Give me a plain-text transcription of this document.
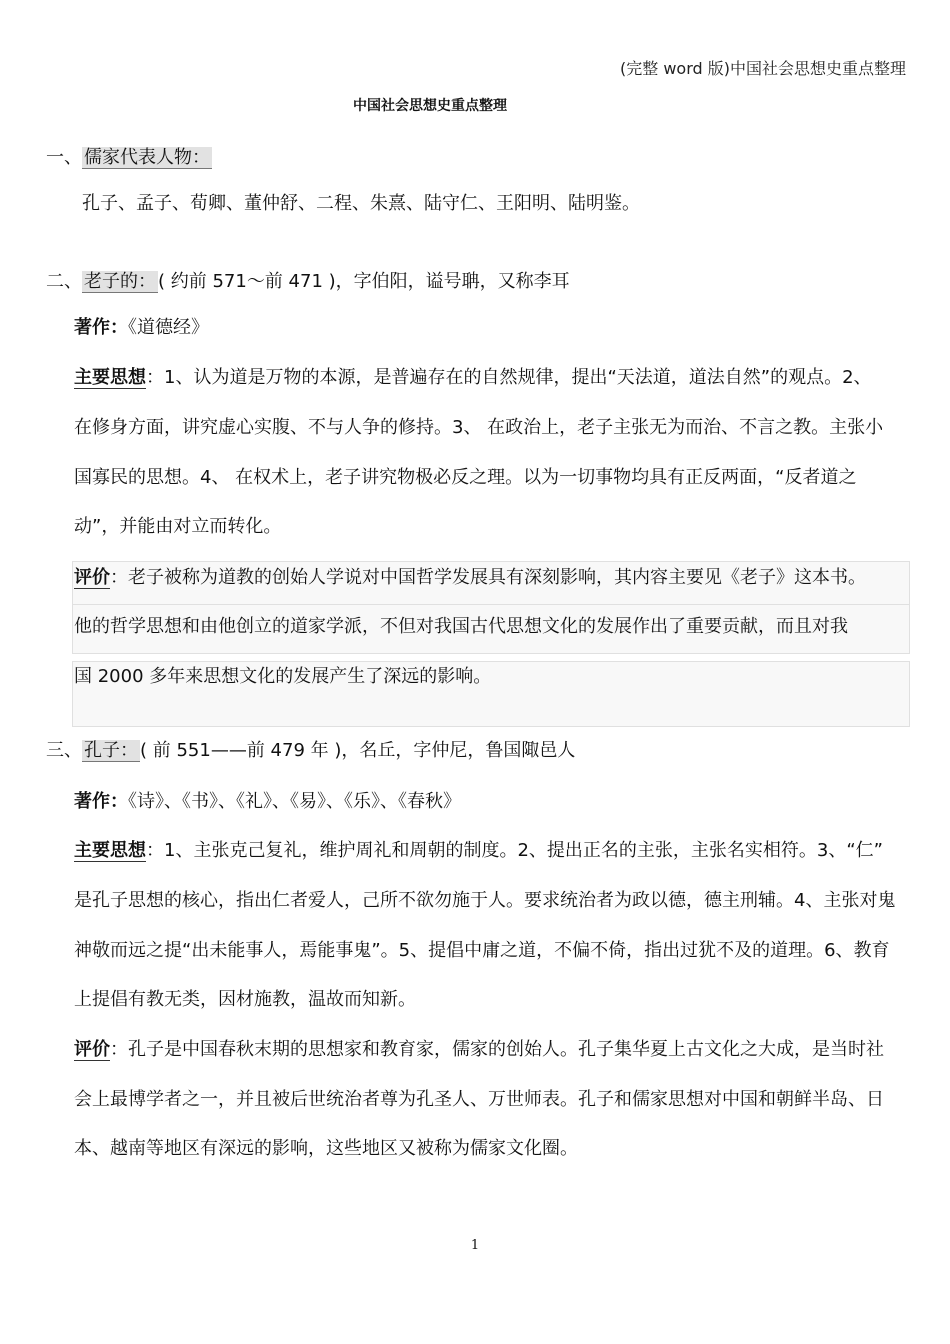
(完整 word 版)中国社会思想史重点整理
中国社会思想史重点整理
一、 儒家代表人物：
孔子、孟子、荀卿、董仲舒、二程、朱熹、陆守仁、王阳明、陆明鉴。
二、 老子的： ( 约前 571～前 471 )，字伯阳，谥号聃，又称李耳
著作：《道德经》
主要思想：1、认为道是万物的本源，是普遍存在的自然规律，提出“天法道，道法自然”的观点。2、
在修身方面，讲究虚心实腹、不与人争的修持。3、 在政治上，老子主张无为而治、不言之教。主张小
国寡民的思想。4、 在权术上，老子讲究物极必反之理。以为一切事物均具有正反两面，“反者道之
动”，并能由对立而转化。
评价：老子被称为道教的创始人学说对中国哲学发展具有深刻影响，其内容主要见《老子》这本书。
他的哲学思想和由他创立的道家学派，不但对我国古代思想文化的发展作出了重要贡献，而且对我
国 2000 多年来思想文化的发展产生了深远的影响。
三、 孔子： ( 前 551——前 479 年 )，名丘，字仲尼，鲁国陬邑人
著作：《诗》、《书》、《礼》、《易》、《乐》、《春秋》
主要思想：1、主张克己复礼，维护周礼和周朝的制度。2、提出正名的主张，主张名实相符。3、“仁”
是孔子思想的核心，指出仁者爱人，己所不欲勿施于人。要求统治者为政以德，德主刑辅。4、主张对鬼
神敬而远之提“出未能事人，焉能事鬼”。5、提倡中庸之道，不偏不倚，指出过犹不及的道理。6、教育
上提倡有教无类，因材施教，温故而知新。
评价：孔子是中国春秋末期的思想家和教育家，儒家的创始人。孔子集华夏上古文化之大成，是当时社
会上最博学者之一，并且被后世统治者尊为孔圣人、万世师表。孔子和儒家思想对中国和朝鲜半岛、日
本、越南等地区有深远的影响，这些地区又被称为儒家文化圈。
1
